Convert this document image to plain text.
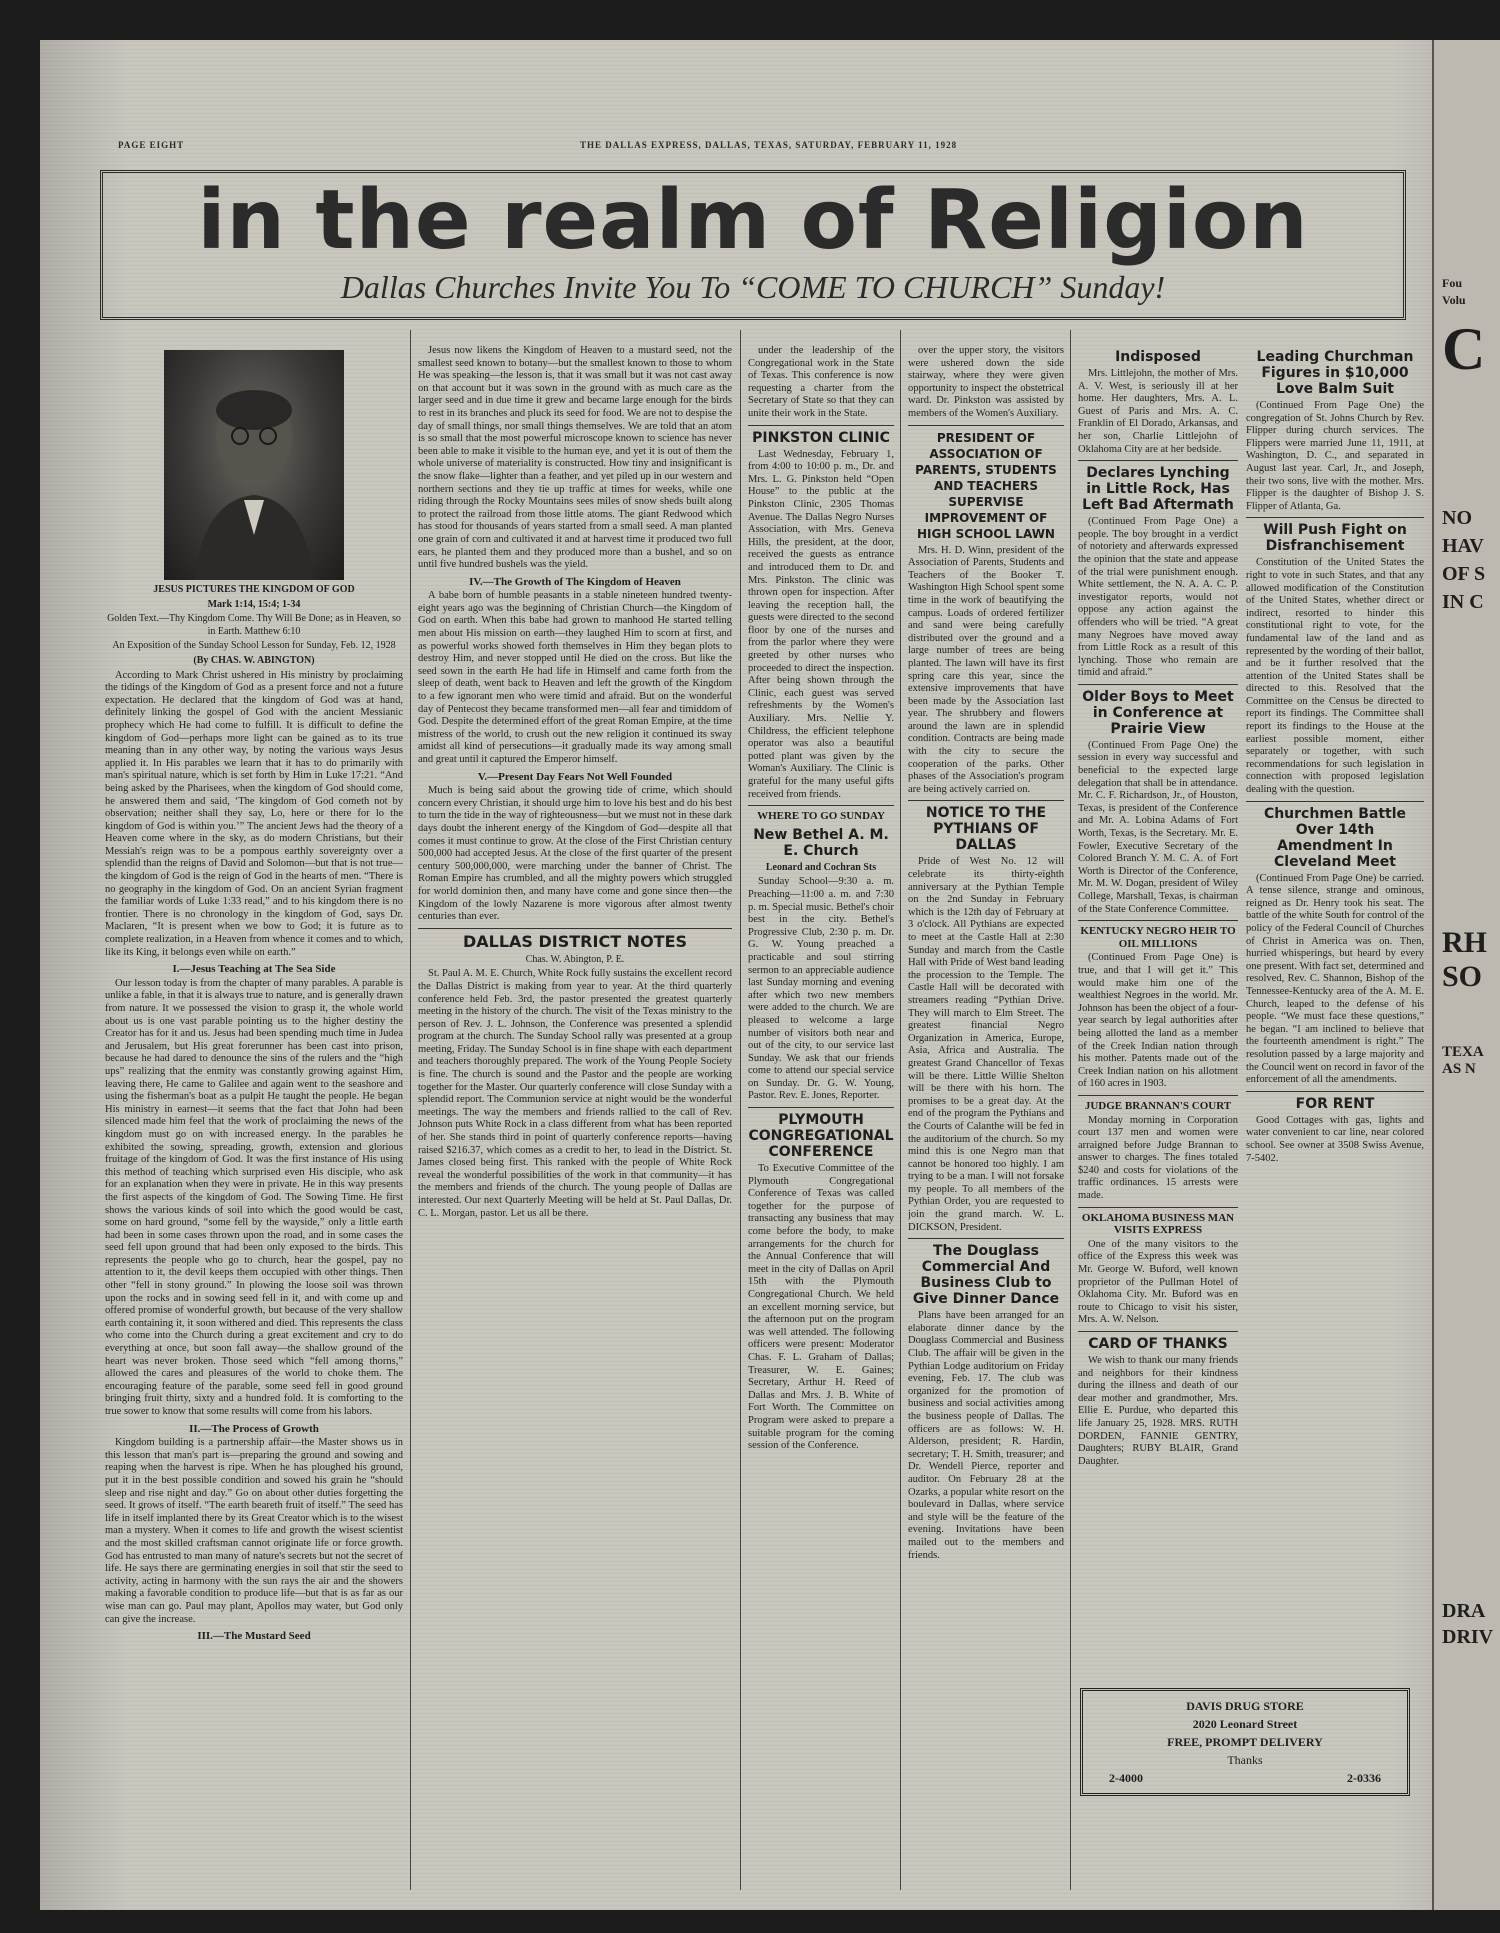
Fou
Volu
C
NO
HAV
OF S
IN C
RH
SO
TEXA
AS N
DRA
DRIV
PAGE EIGHT	THE DALLAS EXPRESS, DALLAS, TEXAS, SATURDAY, FEBRUARY 11, 1928
in the realm of Religion
Dallas Churches Invite You To “COME TO CHURCH” Sunday!
JESUS PICTURES THE KINGDOM OF GOD
Mark 1:14, 15:4; 1-34
Golden Text.—Thy Kingdom Come. Thy Will Be Done; as in Heaven, so in Earth. Matthew 6:10
An Exposition of the Sunday School Lesson for Sunday, Feb. 12, 1928
(By CHAS. W. ABINGTON)

According to Mark Christ ushered in His ministry by proclaiming the tidings of the Kingdom of God as a present force and not a future expectation. He declared that the kingdom of God was at hand, definitely linking the gospel of God with the ancient Messianic prophecy which He had come to fulfill. It is difficult to define the kingdom of God—perhaps more light can be gained as to its true meaning than in any other way, by noting the various ways Jesus applied it. In His parables we learn that it has to do primarily with man's spiritual nature, which is set forth by Him in Luke 17:21. “And being asked by the Pharisees, when the kingdom of God should come, he answered them and said, ‘The kingdom of God cometh not by observation; neither shall they say, Lo, here or there for lo the kingdom of God is within you.’” The ancient Jews had the theory of a Heaven come where in the sky, as do modern Christians, but their Messiah's reign was to be a pompous earthly sovereignty over a splendid than the reigns of David and Solomon—but that is not true—the kingdom of God is the reign of God in the hearts of men. “There is no geography in the kingdom of God. On an ancient Syrian fragment the familiar words of Luke 1:33 read,” and to his kingdom there is no frontier. There is no chronology in the kingdom of God, says Dr. Maclaren, “It is present when we bow to God; it is future as to complete realization, in a Heaven from whence it comes and to which, like its King, it belongs even while on earth.”

I.—Jesus Teaching at The Sea Side

Our lesson today is from the chapter of many parables. A parable is unlike a fable, in that it is always true to nature, and is generally drawn from nature. It we possessed the vision to grasp it, the whole world about us is one vast parable pointing us to the higher destiny the Creator has for it and us. Jesus had been spending much time in Judea and Jerusalem, but His great forerunner has been cast into prison, because he had dared to denounce the sins of the rulers and the “high ups” realizing that the enmity was constantly growing against Him, leaving there, He came to Galilee and again went to the seashore and using the fisherman's boat as a pulpit He taught the people. He began His ministry in earnest—it seems that the fact that John had been silenced made him feel that the work of proclaiming the news of the kingdom must go on with increased energy. In the parables he exhibited the sowing, spreading, growth, extension and glorious fruitage of the kingdom of God. It was the first instance of His using this method of teaching which surprised even His disciple, who ask for an explanation when they were in private. He in this way presents the first aspects of the kingdom of God. The Sowing Time. He first shows the various kinds of soil into which the good would be cast, some on hard ground, “some fell by the wayside,” only a little earth had been in some cases thrown upon the road, and in some cases the seed fell upon ground that had been only exposed to the birds. This represents the people who go to church, hear the gospel, pay no attention to it, the devil keeps them occupied with other things. Then other “fell in stony ground.” In plowing the loose soil was thrown upon the rocks and in sowing seed fell in it, and with come up and offered promise of wonderful growth, but because of the very shallow earth containing it, it soon withered and died. This represents the class who come into the Church during a great excitement and cry to do everything at once, but soon fall away—the shallow ground of the heart was never broken. Those seed which “fell among thorns,” allowed the cares and pleasures of the world to choke them. The encouraging feature of the parable, some seed fell in good ground bringing fruit thirty, sixty and a hundred fold. It is comforting to the true sower to know that some results will come from his labors.

II.—The Process of Growth

Kingdom building is a partnership affair—the Master shows us in this lesson that man's part is—preparing the ground and sowing and reaping when the harvest is ripe. When he has ploughed his ground, put it in the best possible condition and sowed his grain he “should sleep and rise night and day.” Go on about other duties forgetting the seed. It grows of itself. “The earth beareth fruit of itself.” The seed has life in itself implanted there by its Great Creator which is to the wisest man a mystery. When it comes to life and growth the wisest scientist and the most skilled craftsman cannot originate life or force growth. God has entrusted to man many of nature's secrets but not the secret of life. He says there are germinating energies in soil that stir the seed to activity, acting in harmony with the sun rays the air and the showers making a favorable condition to produce life—but that is as far as our wise man can go. Paul may plant, Apollos may water, but God only can give the increase.

III.—The Mustard Seed

Jesus now likens the Kingdom of Heaven to a mustard seed, not the smallest seed known to botany—but the smallest known to those to whom He was speaking—the lesson is, that it was small but it was not cast away on that account but it was sown in the ground with as much care as the larger seed and in due time it grew and became large enough for the birds to rest in its branches and pluck its seed for food. We are not to despise the day of small things, nor small things themselves. We are told that an atom is so small that the most powerful microscope known to science has never been able to make it visible to the human eye, and yet it is out of them the whole universe of materiality is constructed. How tiny and insignificant is the snow flake—lighter than a feather, and yet piled up in our western and northern sections and they tie up traffic at times for weeks, while one riding through the Rocky Mountains sees miles of snow sheds built along to protect the railroad from those little atoms. The giant Redwood which has stood for thousands of years started from a small seed. A man planted one grain of corn and cultivated it and at harvest time it produced two full ears, he planted them and they produced more than a bushel, and so on until five hundred bushels was the yield.

IV.—The Growth of The Kingdom of Heaven

A babe born of humble peasants in a stable nineteen hundred twenty-eight years ago was the beginning of Christian Church—the Kingdom of God on earth. When this babe had grown to manhood He started telling men about His mission on earth—they laughed Him to scorn at first, and as powerful works showed forth themselves in Him they began plots to destroy Him, and never stopped until He died on the cross. But like the seed sown in the earth He had life in Himself and came forth from the sleep of death, went back to Heaven and left the growth of the Kingdom to a few ignorant men who were timid and afraid. But on the wonderful day of Pentecost they became transformed men—all fear and timiddom of God. Despite the determined effort of the great Roman Empire, at the time mistress of the world, to crush out the new religion it continued its sway amidst all kind of persecutions—it gradually made its way among small and great until it captured the Emperor himself.

V.—Present Day Fears Not Well Founded

Much is being said about the growing tide of crime, which should concern every Christian, it should urge him to love his best and do his best to turn the tide in the way of righteousness—but we must not in these dark days doubt the inherent energy of the Kingdom of God—despite all that comes it must continue to grow. At the close of the First Christian century 500,000 had accepted Jesus. At the close of the first quarter of the present century 500,000,000, were marching under the banner of Christ. The Roman Empire has crumbled, and all the mighty powers which struggled for world dominion then, and many have come and gone since then—the Kingdom of the lowly Nazarene is more vigorous after almost twenty centuries than ever.

DALLAS DISTRICT NOTES
Chas. W. Abington, P. E.

St. Paul A. M. E. Church, White Rock fully sustains the excellent record the Dallas District is making from year to year. At the third quarterly conference held Feb. 3rd, the pastor presented the greatest quarterly meeting in the history of the church. The visit of the Texas ministry to the person of Rev. J. L. Johnson, the Conference was presented a splendid program at the church. The Sunday School rally was presented at a group meeting, Friday. The Sunday School is in fine shape with each department and teachers thoroughly prepared. The work of the Young People Society is fine. The church is sound and the Pastor and the people are working together for the Master. Our quarterly conference will close Sunday with a splendid report. The Communion service at night would be the wonderful meetings. The way the members and friends rallied to the call of Rev. Johnson puts White Rock in a class different from what has been reported of her. She stands third in point of quarterly conference reports—having raised $216.37, which comes as a credit to her, to lead in the District. St. James closed being first. This ranked with the people of White Rock reveal the wonderful possibilities of the work in that community—it has the members and friends of the church. The young people of Dallas are interested. Our next Quarterly Meeting will be held at St. Paul Dallas, Dr. C. L. Morgan, pastor. Let us all be there.

under the leadership of the Congregational work in the State of Texas. This conference is now requesting a charter from the Secretary of State so that they can unite their work in the State.

PINKSTON CLINIC

Last Wednesday, February 1, from 4:00 to 10:00 p. m., Dr. and Mrs. L. G. Pinkston held “Open House” to the public at the Pinkston Clinic, 2305 Thomas Avenue. The Dallas Negro Nurses Association, with Mrs. Geneva Hills, the president, at the door, received the guests as entrance and introduced them to Dr. and Mrs. Pinkston. The clinic was thrown open for inspection. After leaving the reception hall, the guests were directed to the second floor by one of the nurses and from the parlor where they were greeted by other nurses who proceeded to direct the inspection. After being shown through the Clinic, each guest was served refreshments by the Women's Auxiliary. Mrs. Nellie Y. Childress, the efficient telephone operator was also a beautiful potted plant was given by the Woman's Auxiliary. The Clinic is grateful for the many useful gifts received from friends.

WHERE TO GO SUNDAY
New Bethel A. M. E. Church
Leonard and Cochran Sts

Sunday School—9:30 a. m. Preaching—11:00 a. m. and 7:30 p. m. Special music. Bethel's choir best in the city. Bethel's Progressive Club, 2:30 p. m. Dr. G. W. Young preached a practicable and soul stirring sermon to an appreciable audience last Sunday morning and evening after which two new members were added to the church. We are pleased to welcome a large number of visitors both near and out of the city, to our service last Sunday. We ask that our friends come to attend our special service on Sunday. Dr. G. W. Young, Pastor. Rev. E. Jones, Reporter.

PLYMOUTH CONGREGATIONAL CONFERENCE

To Executive Committee of the Plymouth Congregational Conference of Texas was called together for the purpose of transacting any business that may come before the body, to make arrangements for the church for the Annual Conference that will meet in the city of Dallas on April 15th with the Plymouth Congregational Church. We held an excellent morning service, but the afternoon put on the program was well attended. The following officers were present: Moderator Chas. F. L. Graham of Dallas; Treasurer, W. E. Gaines; Secretary, Arthur H. Reed of Dallas and Mrs. J. B. White of Fort Worth. The Committee on Program were asked to prepare a suitable program for the coming session of the Conference.

over the upper story, the visitors were ushered down the side stairway, where they were given opportunity to inspect the obstetrical ward. Dr. Pinkston was assisted by members of the Women's Auxiliary.

PRESIDENT OF ASSOCIATION OF PARENTS, STUDENTS AND TEACHERS SUPERVISE IMPROVEMENT OF HIGH SCHOOL LAWN

Mrs. H. D. Winn, president of the Association of Parents, Students and Teachers of the Booker T. Washington High School spent some time in the work of beautifying the campus. Loads of ordered fertilizer and sand were being carefully distributed over the ground and a large number of trees are being planted. The lawn will have its first spring care this year, since the extensive improvements that have been made by the Association last year. The shrubbery and flowers around the lawn are in splendid condition. Contracts are being made with the city to secure the cooperation of the parks. Other phases of the Association's program are being actively carried on.

NOTICE TO THE PYTHIANS OF DALLAS

Pride of West No. 12 will celebrate its thirty-eighth anniversary at the Pythian Temple on the 2nd Sunday in February which is the 12th day of February at 3 o'clock. All Pythians are expected to meet at the Castle Hall at 2:30 Sunday and march from the Castle Hall with Pride of West band leading the procession to the Temple. The Castle Hall will be decorated with streamers reading “Pythian Drive. They will march to Elm Street. The greatest financial Negro Organization in America, Europe, Asia, Africa and Australia. The greatest Grand Chancellor of Texas will be there. Little Willie Shelton will be there with his horn. The promises to be a great day. At the end of the program the Pythians and the Courts of Calanthe will be fed in the auditorium of the church. So my mind this is one Negro man that cannot be honored too highly. I am trying to be a man. I will not forsake my people. To all members of the Pythian Order, you are requested to join the grand march. W. L. DICKSON, President.

The Douglass Commercial And Business Club to Give Dinner Dance

Plans have been arranged for an elaborate dinner dance by the Douglass Commercial and Business Club. The affair will be given in the Pythian Lodge auditorium on Friday evening, Feb. 17. The club was organized for the promotion of business and social activities among the business people of Dallas. The officers are as follows: W. H. Alderson, president; R. Hardin, secretary; T. H. Smith, treasurer; and Dr. Wendell Pierce, reporter and auditor. On February 28 at the Ozarks, a popular white resort on the boulevard in Dallas, where service and style will be the feature of the evening. Invitations have been mailed out to the members and friends.

Indisposed

Mrs. Littlejohn, the mother of Mrs. A. V. West, is seriously ill at her home. Her daughters, Mrs. A. L. Guest of Paris and Mrs. A. C. Franklin of El Dorado, Arkansas, and her son, Charlie Littlejohn of Oklahoma City are at her bedside.

Declares Lynching in Little Rock, Has Left Bad Aftermath

(Continued From Page One) a people. The boy brought in a verdict of notoriety and afterwards expressed the opinion that the state and appease of the trial were punishment enough. White settlement, the N. A. A. C. P. investigator reports, would not oppose any action against the offenders who will be tried. “A great many Negroes have moved away from Little Rock as a result of this lynching. Those who remain are timid and afraid.”

Older Boys to Meet in Conference at Prairie View

(Continued From Page One) the session in every way successful and beneficial to the expected large delegation that shall be in attendance. Mr. C. F. Richardson, Jr., of Houston, Texas, is president of the Conference and Mr. A. Lobina Adams of Fort Worth, Texas, is the Secretary. Mr. E. Fowler, Executive Secretary of the Colored Branch Y. M. C. A. of Fort Worth is Director of the Conference, Mr. M. W. Dogan, president of Wiley College, Marshall, Texas, is chairman of the State Conference Committee.

KENTUCKY NEGRO HEIR TO OIL MILLIONS

(Continued From Page One) is true, and that I will get it.” This would make him one of the wealthiest Negroes in the world. Mr. Johnson has been the object of a four-year search by legal authorities after being allotted the land as a member of the Creek Indian nation through his mother. Patents made out of the Creek Indian nation on his allotment of 160 acres in 1903.

JUDGE BRANNAN'S COURT

Monday morning in Corporation court 137 men and women were arraigned before Judge Brannan to answer to charges. The fines totaled $240 and costs for violations of the traffic ordinances. 15 arrests were made.

OKLAHOMA BUSINESS MAN VISITS EXPRESS

One of the many visitors to the office of the Express this week was Mr. George W. Buford, well known proprietor of the Pullman Hotel of Oklahoma City. Mr. Buford was en route to Chicago to visit his sister, Mrs. A. W. Nelson.

CARD OF THANKS

We wish to thank our many friends and neighbors for their kindness during the illness and death of our dear mother and grandmother, Mrs. Ellie E. Purdue, who departed this life January 25, 1928. MRS. RUTH DORDEN, FANNIE GENTRY, Daughters; RUBY BLAIR, Grand Daughter.

Leading Churchman Figures in $10,000 Love Balm Suit

(Continued From Page One) the congregation of St. Johns Church by Rev. Flipper during church services. The Flippers were married June 11, 1911, at Washington, D. C., and separated in August last year. Carl, Jr., and Joseph, their two sons, live with the mother. Mrs. Flipper is the daughter of Bishop J. S. Flipper of Atlanta, Ga.

Will Push Fight on Disfranchisement

Constitution of the United States the right to vote in such States, and that any allowed modification of the Constitution of the United States, whether direct or indirect, resorted to hinder this constitutional right to vote, for the fundamental law of the land and as represented by the wording of their ballot, and be it further resolved that the attention of the United States shall be directed to this. Resolved that the Committee on the Census be directed to report its findings. The Committee shall report its findings to the House at the earliest possible moment, either separately or together, with such recommendations for such legislation in connection with proposed legislation dealing with the question.

Churchmen Battle Over 14th Amendment In Cleveland Meet

(Continued From Page One) be carried. A tense silence, strange and ominous, reigned as Dr. Henry took his seat. The battle of the white South for control of the policy of the Federal Council of Churches of Christ in America was on. Then, hurried whisperings, but heard by every one present. With fact set, determined and resolved, Rev. C. Shannon, Bishop of the Tennessee-Kentucky area of the A. M. E. Church, leaped to the defense of his people. “We must face these questions,” he began. “I am inclined to believe that the fourteenth amendment is right.” The resolution passed by a large majority and the Council went on record in favor of the enforcement of all the amendments.

FOR RENT

Good Cottages with gas, lights and water convenient to car line, near colored school. See owner at 3508 Swiss Avenue, 7-5402.

DAVIS DRUG STORE
2020 Leonard Street
FREE, PROMPT DELIVERY
Thanks
2-4000	2-0336
